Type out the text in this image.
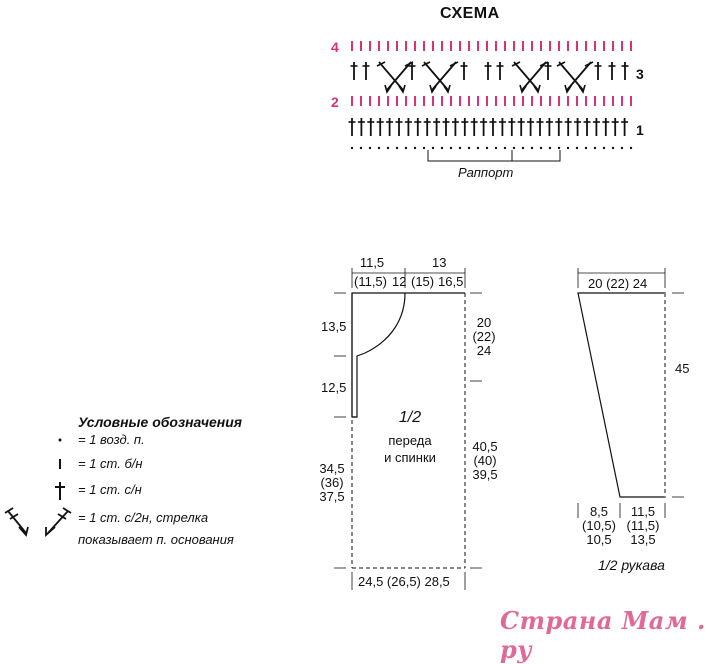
СХЕМА
4
2
3
1
Раппорт
11,5
(11,5) 12
13
(15) 16,5
13,5
12,5
34,5
(36)
37,5
20
(22)
24
40,5
(40)
39,5
24,5 (26,5) 28,5
1/2
переда
и спинки
20 (22) 24
45
8,5
(10,5)
10,5
11,5
(11,5)
13,5
1/2 рукава
Условные обозначения
= 1 возд. п.
= 1 ст. б/н
= 1 ст. с/н
= 1 ст. с/2н, стрелка
показывает п. основания
Страна Мам . ру
